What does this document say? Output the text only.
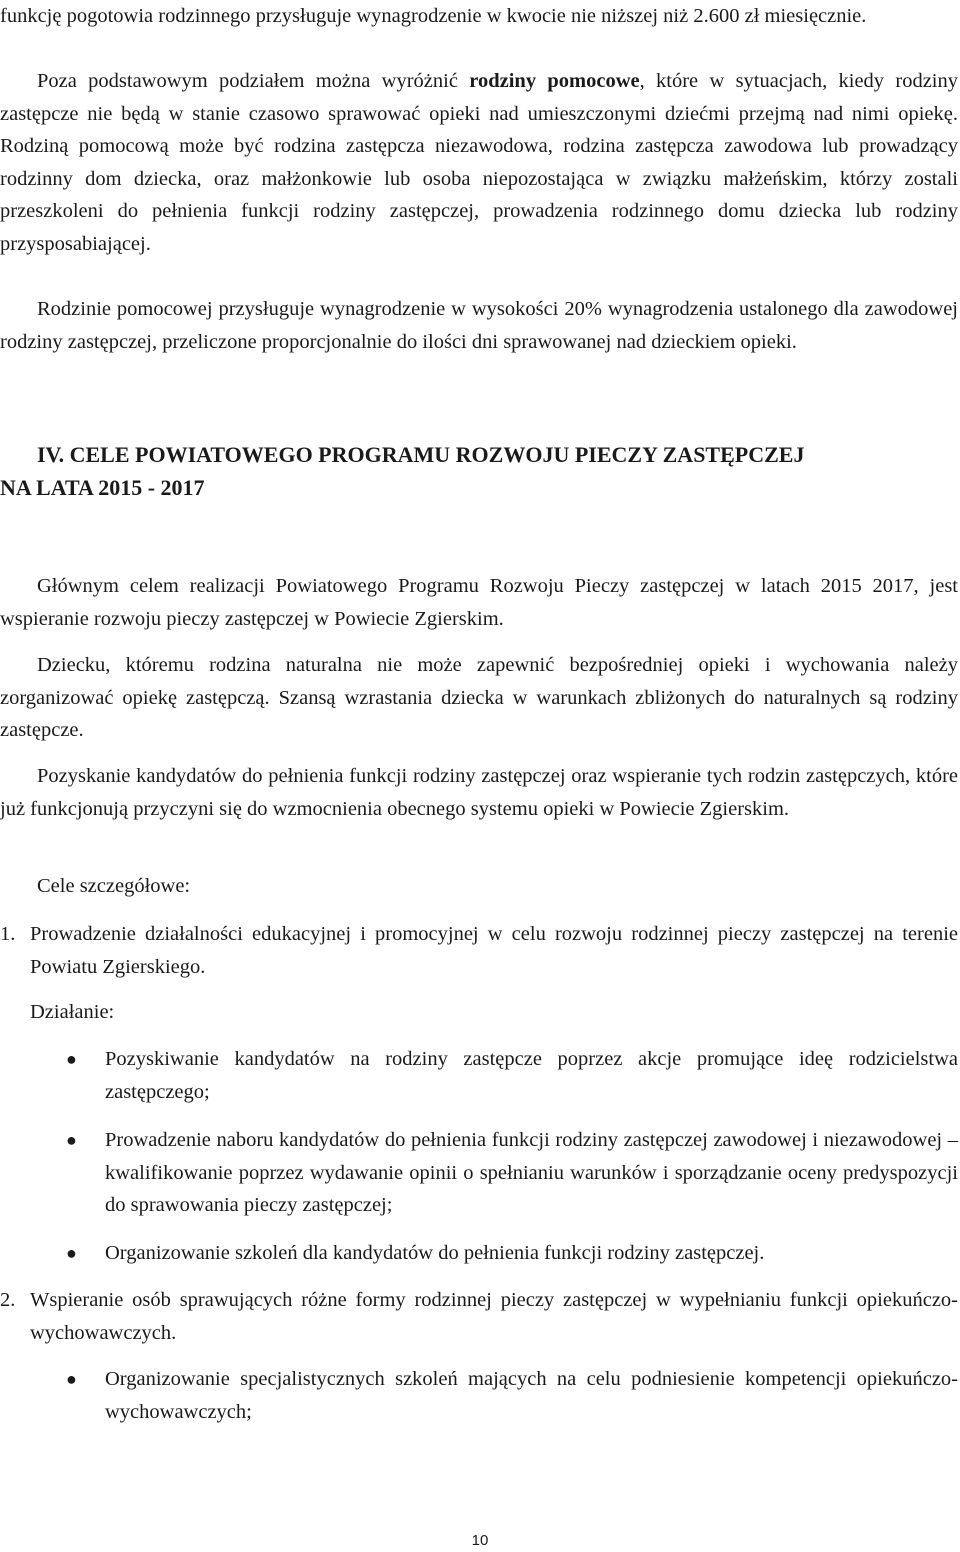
funkcję pogotowia rodzinnego przysługuje wynagrodzenie w kwocie nie niższej niż 2.600 zł miesięcznie.

Poza podstawowym podziałem można wyróżnić rodziny pomocowe, które w sytuacjach, kiedy rodziny zastępcze nie będą w stanie czasowo sprawować opieki nad umieszczonymi dziećmi przejmą nad nimi opiekę. Rodziną pomocową może być rodzina zastępcza niezawodowa, rodzina zastępcza zawodowa lub prowadzący rodzinny dom dziecka, oraz małżonkowie lub osoba niepozostająca w związku małżeńskim, którzy zostali przeszkoleni do pełnienia funkcji rodziny zastępczej, prowadzenia rodzinnego domu dziecka lub rodziny przysposabiającej.

Rodzinie pomocowej przysługuje wynagrodzenie w wysokości 20% wynagrodzenia ustalonego dla zawodowej rodziny zastępczej, przeliczone proporcjonalnie do ilości dni sprawowanej nad dzieckiem opieki.

IV. CELE POWIATOWEGO PROGRAMU ROZWOJU PIECZY ZASTĘPCZEJ
NA LATA 2015 - 2017

Głównym celem realizacji Powiatowego Programu Rozwoju Pieczy zastępczej w latach 2015 2017, jest wspieranie rozwoju pieczy zastępczej w Powiecie Zgierskim.

Dziecku, któremu rodzina naturalna nie może zapewnić bezpośredniej opieki i wychowania należy zorganizować opiekę zastępczą. Szansą wzrastania dziecka w warunkach zbliżonych do naturalnych są rodziny zastępcze.

Pozyskanie kandydatów do pełnienia funkcji rodziny zastępczej oraz wspieranie tych rodzin zastępczych, które już funkcjonują przyczyni się do wzmocnienia obecnego systemu opieki w Powiecie Zgierskim.

Cele szczegółowe:

1. Prowadzenie działalności edukacyjnej i promocyjnej w celu rozwoju rodzinnej pieczy zastępczej na terenie Powiatu Zgierskiego.

Działanie:

● Pozyskiwanie kandydatów na rodziny zastępcze poprzez akcje promujące ideę rodzicielstwa zastępczego;
● Prowadzenie naboru kandydatów do pełnienia funkcji rodziny zastępczej zawodowej i niezawodowej – kwalifikowanie poprzez wydawanie opinii o spełnianiu warunków i sporządzanie oceny predyspozycji do sprawowania pieczy zastępczej;
● Organizowanie szkoleń dla kandydatów do pełnienia funkcji rodziny zastępczej.
2. Wspieranie osób sprawujących różne formy rodzinnej pieczy zastępczej w wypełnianiu funkcji opiekuńczo-wychowawczych.
● Organizowanie specjalistycznych szkoleń mających na celu podniesienie kompetencji opiekuńczo-wychowawczych;
10
